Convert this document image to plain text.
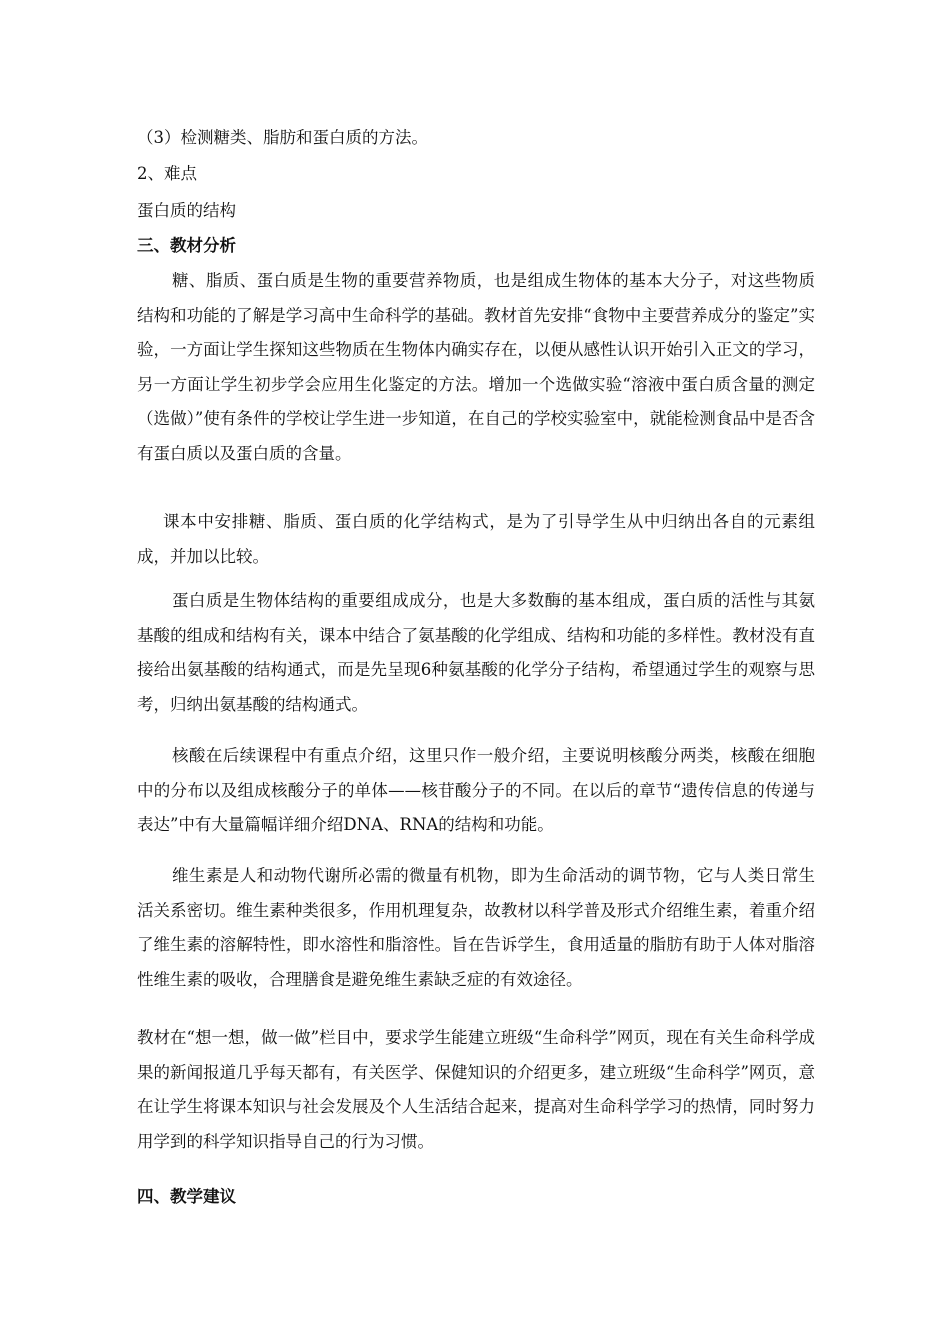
（3）检测糖类、脂肪和蛋白质的方法。

2、难点

蛋白质的结构

三、教材分析

糖、脂质、蛋白质是生物的重要营养物质，也是组成生物体的基本大分子，对这些物质结构和功能的了解是学习高中生命科学的基础。教材首先安排“食物中主要营养成分的鉴定”实验，一方面让学生探知这些物质在生物体内确实存在，以便从感性认识开始引入正文的学习，另一方面让学生初步学会应用生化鉴定的方法。增加一个选做实验“溶液中蛋白质含量的测定（选做）”使有条件的学校让学生进一步知道，在自己的学校实验室中，就能检测食品中是否含有蛋白质以及蛋白质的含量。

课本中安排糖、脂质、蛋白质的化学结构式，是为了引导学生从中归纳出各自的元素组成，并加以比较。

蛋白质是生物体结构的重要组成成分，也是大多数酶的基本组成，蛋白质的活性与其氨基酸的组成和结构有关，课本中结合了氨基酸的化学组成、结构和功能的多样性。教材没有直接给出氨基酸的结构通式，而是先呈现6种氨基酸的化学分子结构，希望通过学生的观察与思考，归纳出氨基酸的结构通式。

核酸在后续课程中有重点介绍，这里只作一般介绍，主要说明核酸分两类，核酸在细胞中的分布以及组成核酸分子的单体——核苷酸分子的不同。在以后的章节“遗传信息的传递与表达”中有大量篇幅详细介绍DNA、RNA的结构和功能。

维生素是人和动物代谢所必需的微量有机物，即为生命活动的调节物，它与人类日常生活关系密切。维生素种类很多，作用机理复杂，故教材以科学普及形式介绍维生素，着重介绍了维生素的溶解特性，即水溶性和脂溶性。旨在告诉学生，食用适量的脂肪有助于人体对脂溶性维生素的吸收，合理膳食是避免维生素缺乏症的有效途径。

教材在“想一想，做一做”栏目中，要求学生能建立班级“生命科学”网页，现在有关生命科学成果的新闻报道几乎每天都有，有关医学、保健知识的介绍更多，建立班级“生命科学”网页，意在让学生将课本知识与社会发展及个人生活结合起来，提高对生命科学学习的热情，同时努力用学到的科学知识指导自己的行为习惯。

四、教学建议
